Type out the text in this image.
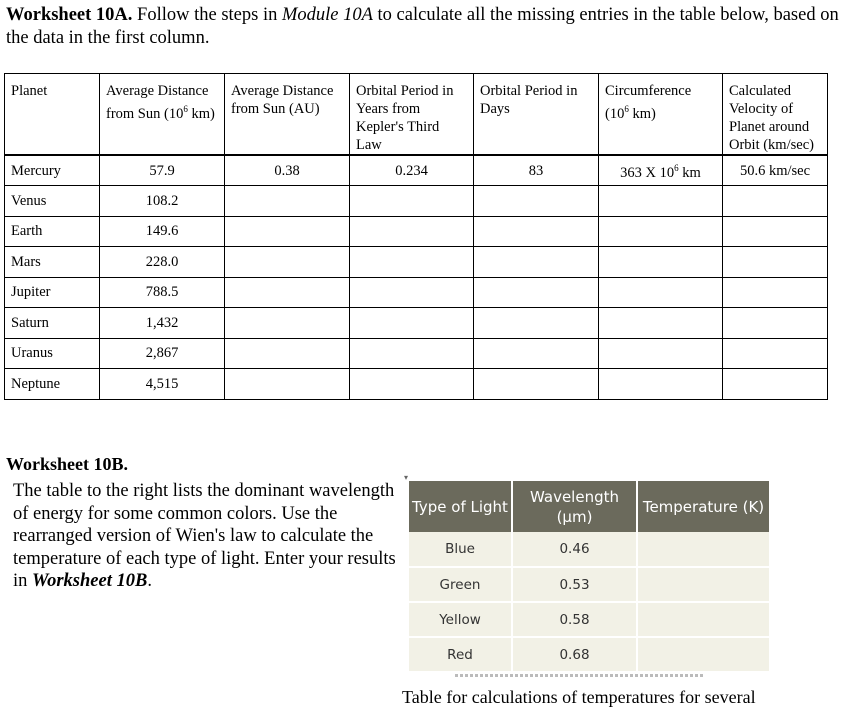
Worksheet 10A. Follow the steps in Module 10A to calculate all the missing entries in the table below, based on the data in the first column.
Planet	Average Distance from Sun ($10^6$ km)	Average Distance from Sun (AU)	Orbital Period in Years from Kepler's Third Law	Orbital Period in Days	Circumference ($10^6$ km)	Calculated Velocity of Planet around Orbit (km/sec)
Mercury	57.9	0.38	0.234	83	363 X $10^6$ km	50.6 km/sec
Venus	108.2					
Earth	149.6					
Mars	228.0					
Jupiter	788.5					
Saturn	1,432					
Uranus	2,867					
Neptune	4,515					
Worksheet 10B.
The table to the right lists the dominant wavelength of energy for some common colors. Use the rearranged version of Wien's law to calculate the temperature of each type of light. Enter your results in Worksheet 10B.
▾
Type of Light	Wavelength (µm)	Temperature (K)
Blue	0.46	
Green	0.53	
Yellow	0.58	
Red	0.68	
Table for calculations of temperatures for several
